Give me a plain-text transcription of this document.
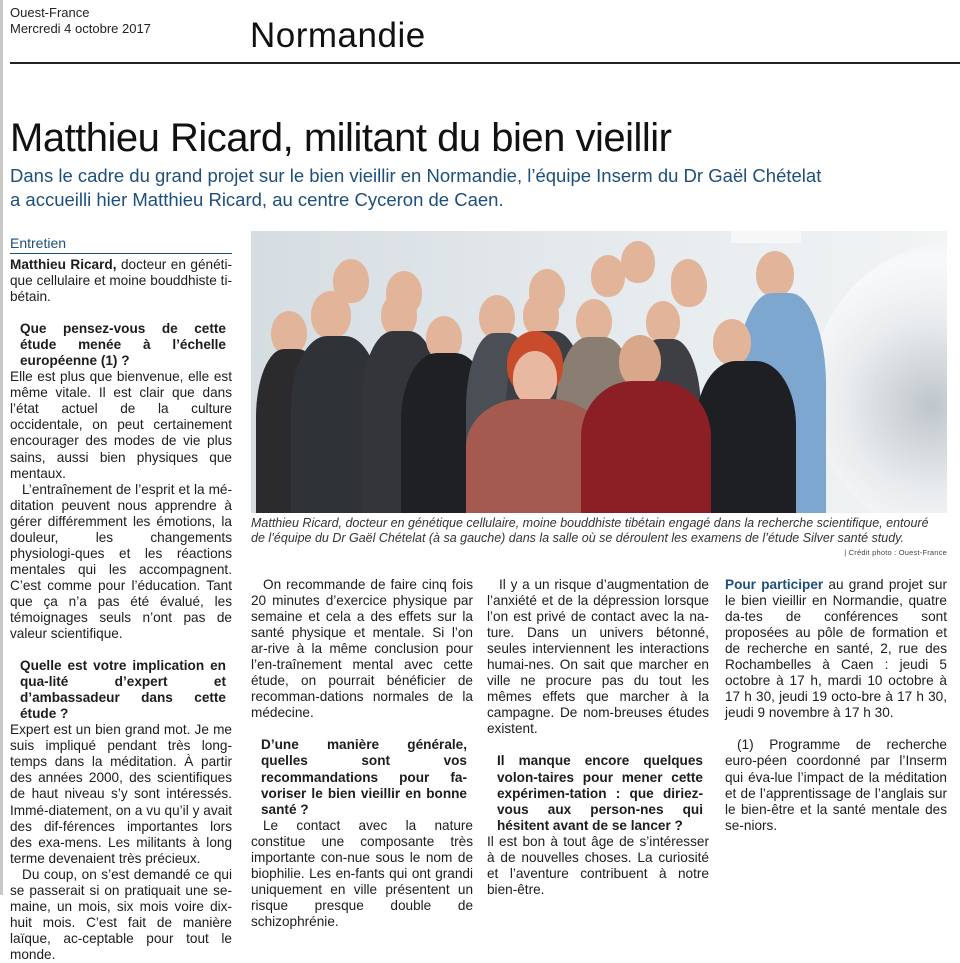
Ouest-France
Mercredi 4 octobre 2017	Normandie
Matthieu Ricard, militant du bien vieillir
Dans le cadre du grand projet sur le bien vieillir en Normandie, l’équipe Inserm du Dr Gaël Chételat
a accueilli hier Matthieu Ricard, au centre Cyceron de Caen.
Entretien

Matthieu Ricard, docteur en généti-que cellulaire et moine bouddhiste ti-bétain.

Que pensez-vous de cette étude menée à l’échelle européenne (1) ?

Elle est plus que bienvenue, elle est même vitale. Il est clair que dans l’état actuel de la culture occidentale, on peut certainement encourager des modes de vie plus sains, aussi bien physiques que mentaux.

L’entraînement de l’esprit et la mé-ditation peuvent nous apprendre à gérer différemment les émotions, la douleur, les changements physiologi-ques et les réactions mentales qui les accompagnent. C’est comme pour l’éducation. Tant que ça n’a pas été évalué, les témoignages seuls n’ont pas de valeur scientifique.

Quelle est votre implication en qua-lité d’expert et d’ambassadeur dans cette étude ?

Expert est un bien grand mot. Je me suis impliqué pendant très long-temps dans la méditation. À partir des années 2000, des scientifiques de haut niveau s’y sont intéressés. Immé-diatement, on a vu qu’il y avait des dif-férences importantes lors des exa-mens. Les militants à long terme devenaient très précieux.

Du coup, on s’est demandé ce qui se passerait si on pratiquait une se-maine, un mois, six mois voire dix-huit mois. C’est fait de manière laïque, ac-ceptable pour tout le monde.

Matthieu Ricard, docteur en génétique cellulaire, moine bouddhiste tibétain engagé dans la recherche scientifique, entouré
de l’équipe du Dr Gaël Chételat (à sa gauche) dans la salle où se déroulent les examens de l’étude Silver santé study.
| Crédit photo : Ouest-France

On recommande de faire cinq fois 20 minutes d’exercice physique par semaine et cela a des effets sur la santé physique et mentale. Si l’on ar-rive à la même conclusion pour l’en-traînement mental avec cette étude, on pourrait bénéficier de recomman-dations normales de la médecine.

D’une manière générale, quelles sont vos recommandations pour fa-voriser le bien vieillir en bonne santé ?

Le contact avec la nature constitue une composante très importante con-nue sous le nom de biophilie. Les en-fants qui ont grandi uniquement en ville présentent un risque presque double de schizophrénie.

Il y a un risque d’augmentation de l’anxiété et de la dépression lorsque l’on est privé de contact avec la na-ture. Dans un univers bétonné, seules interviennent les interactions humai-nes. On sait que marcher en ville ne procure pas du tout les mêmes effets que marcher à la campagne. De nom-breuses études existent.

Il manque encore quelques volon-taires pour mener cette expérimen-tation : que diriez-vous aux person-nes qui hésitent avant de se lancer ?

Il est bon à tout âge de s’intéresser à de nouvelles choses. La curiosité et l’aventure contribuent à notre bien-être.

Pour participer au grand projet sur le bien vieillir en Normandie, quatre da-tes de conférences sont proposées au pôle de formation et de recherche en santé, 2, rue des Rochambelles à Caen : jeudi 5 octobre à 17 h, mardi 10 octobre à 17 h 30, jeudi 19 octo-bre à 17 h 30, jeudi 9 novembre à 17 h 30.

(1) Programme de recherche euro-péen coordonné par l’Inserm qui éva-lue l’impact de la méditation et de l’apprentissage de l’anglais sur le bien-être et la santé mentale des se-niors.
